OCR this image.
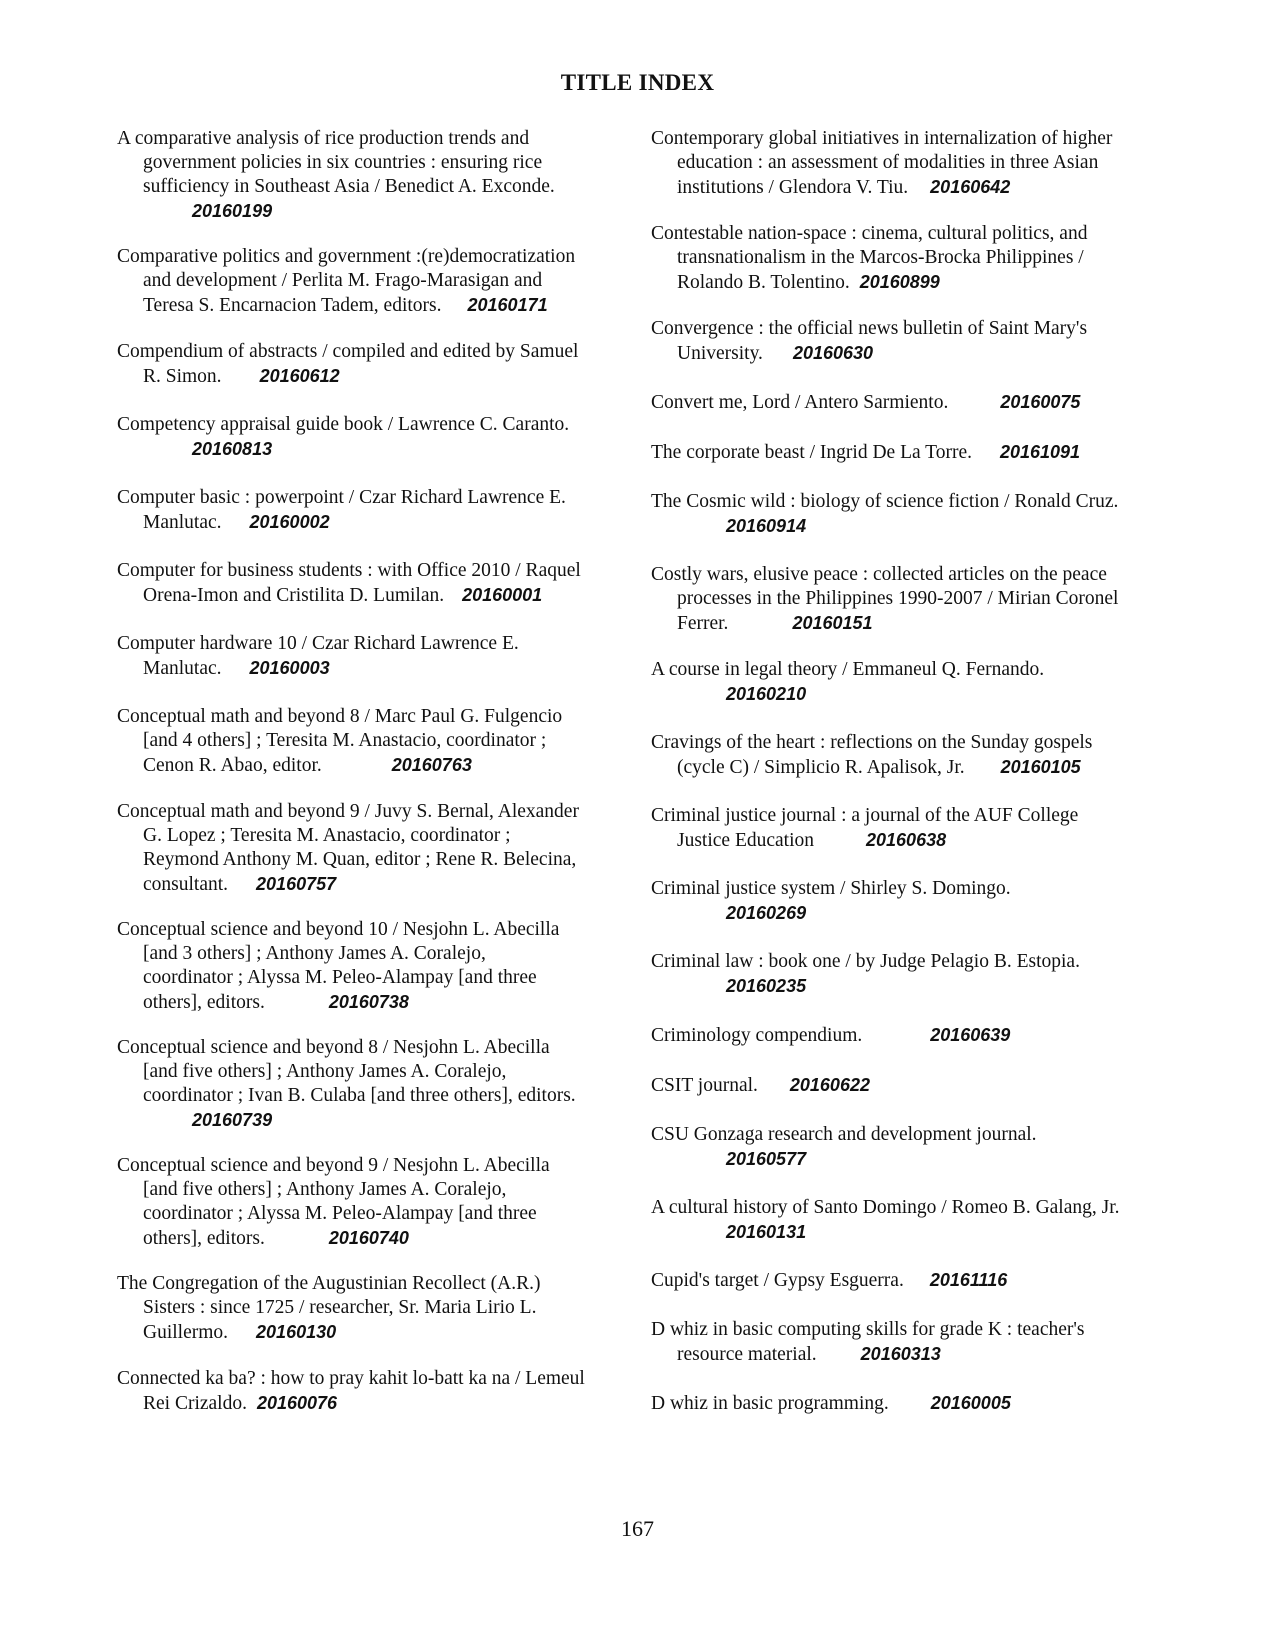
TITLE INDEX
A comparative analysis of rice production trends and
government policies in six countries : ensuring rice
sufficiency in Southeast Asia / Benedict A. Exconde.
20160199
Comparative politics and government :(re)democratization
and development / Perlita M. Frago-Marasigan and
Teresa S. Encarnacion Tadem, editors. 20160171
Compendium of abstracts / compiled and edited by Samuel
R. Simon. 20160612
Competency appraisal guide book / Lawrence C. Caranto.
20160813
Computer basic : powerpoint / Czar Richard Lawrence E.
Manlutac. 20160002
Computer for business students : with Office 2010 / Raquel
Orena-Imon and Cristilita D. Lumilan. 20160001
Computer hardware 10 / Czar Richard Lawrence E.
Manlutac. 20160003
Conceptual math and beyond 8 / Marc Paul G. Fulgencio
[and 4 others] ; Teresita M. Anastacio, coordinator ;
Cenon R. Abao, editor.	20160763
Conceptual math and beyond 9 / Juvy S. Bernal, Alexander
G. Lopez ; Teresita M. Anastacio, coordinator ;
Reymond Anthony M. Quan, editor ; Rene R. Belecina,
consultant. 20160757
Conceptual science and beyond 10 / Nesjohn L. Abecilla
[and 3 others] ; Anthony James A. Coralejo,
coordinator ; Alyssa M. Peleo-Alampay [and three
others], editors.	20160738
Conceptual science and beyond 8 / Nesjohn L. Abecilla
[and five others] ; Anthony James A. Coralejo,
coordinator ; Ivan B. Culaba [and three others], editors.
20160739
Conceptual science and beyond 9 / Nesjohn L. Abecilla
[and five others] ; Anthony James A. Coralejo,
coordinator ; Alyssa M. Peleo-Alampay [and three
others], editors.	20160740
The Congregation of the Augustinian Recollect (A.R.)
Sisters : since 1725 / researcher, Sr. Maria Lirio L.
Guillermo. 20160130
Connected ka ba? : how to pray kahit lo-batt ka na / Lemeul
Rei Crizaldo. 20160076
Contemporary global initiatives in internalization of higher
education : an assessment of modalities in three Asian
institutions / Glendora V. Tiu. 20160642
Contestable nation-space : cinema, cultural politics, and
transnationalism in the Marcos-Brocka Philippines /
Rolando B. Tolentino. 20160899
Convergence : the official news bulletin of Saint Mary's
University. 20160630
Convert me, Lord / Antero Sarmiento.	20160075
The corporate beast / Ingrid De La Torre. 20161091
The Cosmic wild : biology of science fiction / Ronald Cruz.
20160914
Costly wars, elusive peace : collected articles on the peace
processes in the Philippines 1990-2007 / Mirian Coronel
Ferrer.	20160151
A course in legal theory / Emmaneul Q. Fernando.
20160210
Cravings of the heart : reflections on the Sunday gospels
(cycle C) / Simplicio R. Apalisok, Jr. 20160105
Criminal justice journal : a journal of the AUF College
Justice Education	20160638
Criminal justice system / Shirley S. Domingo.
20160269
Criminal law : book one / by Judge Pelagio B. Estopia.
20160235
Criminology compendium.	20160639
CSIT journal. 20160622
CSU Gonzaga research and development journal.
20160577
A cultural history of Santo Domingo / Romeo B. Galang, Jr.
20160131
Cupid's target / Gypsy Esguerra. 20161116
D whiz in basic computing skills for grade K : teacher's
resource material. 20160313
D whiz in basic programming. 20160005
167
